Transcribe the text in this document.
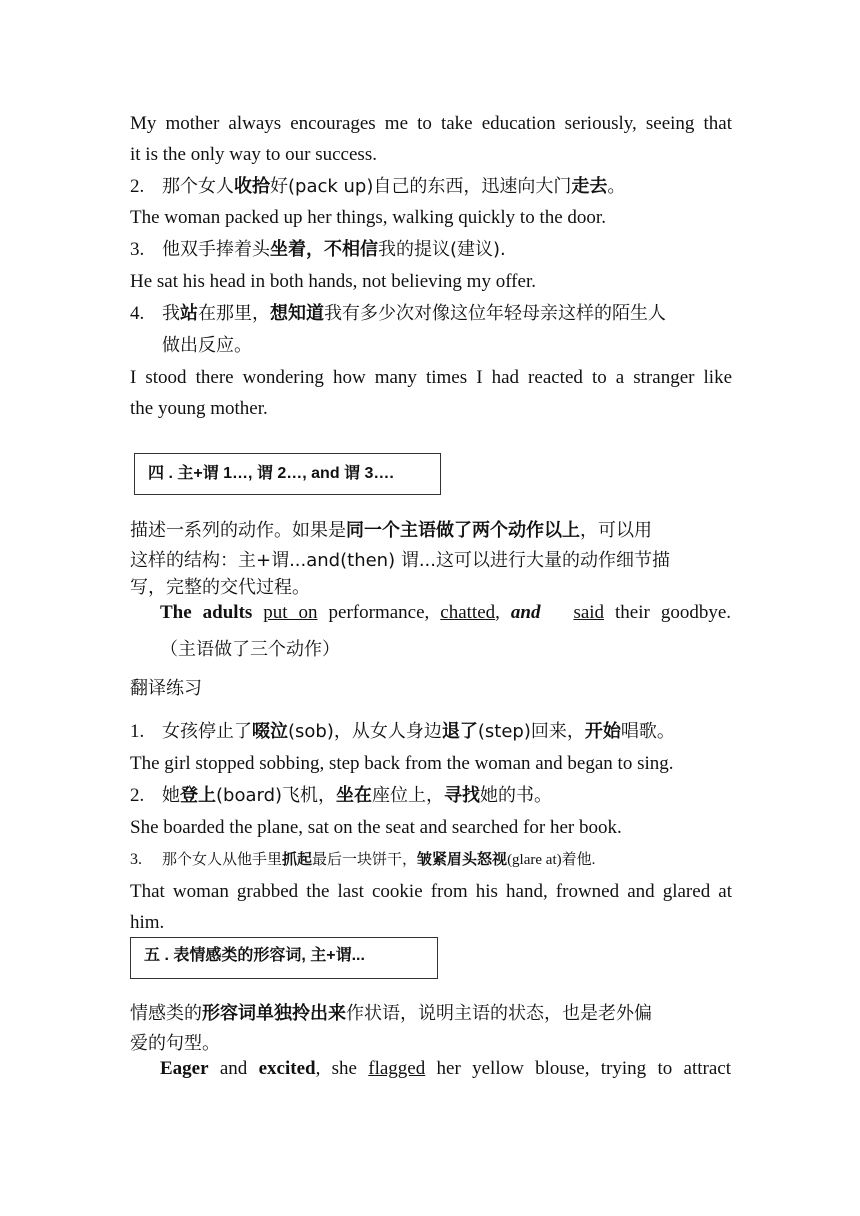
My mother always encourages me to take education seriously, seeing that
it is the only way to our success.
2. 那个女人收拾好(pack up)自己的东西，迅速向大门走去。
The woman packed up her things, walking quickly to the door.
3. 他双手捧着头坐着，不相信我的提议(建议).
He sat his head in both hands, not believing my offer.
4. 我站在那里，想知道我有多少次对像这位年轻母亲这样的陌生人
做出反应。
I stood there wondering how many times I had reacted to a stranger like
the young mother.
四 . 主+谓 1…, 谓 2…, and 谓 3….
描述一系列的动作。如果是同一个主语做了两个动作以上，可以用
这样的结构：主+谓...and(then) 谓...这可以进行大量的动作细节描
写，完整的交代过程。
The adults put on performance, chatted, and said their goodbye.
（主语做了三个动作）
翻译练习
1. 女孩停止了啜泣(sob)，从女人身边退了(step)回来，开始唱歌。
The girl stopped sobbing, step back from the woman and began to sing.
2. 她登上(board)飞机，坐在座位上，寻找她的书。
She boarded the plane, sat on the seat and searched for her book.
3. 那个女人从他手里抓起最后一块饼干，皱紧眉头怒视(glare at)着他.
That woman grabbed the last cookie from his hand, frowned and glared at
him.
五 . 表情感类的形容词, 主+谓...
情感类的形容词单独拎出来作状语，说明主语的状态，也是老外偏
爱的句型。
Eager and excited, she flagged her yellow blouse, trying to attract
